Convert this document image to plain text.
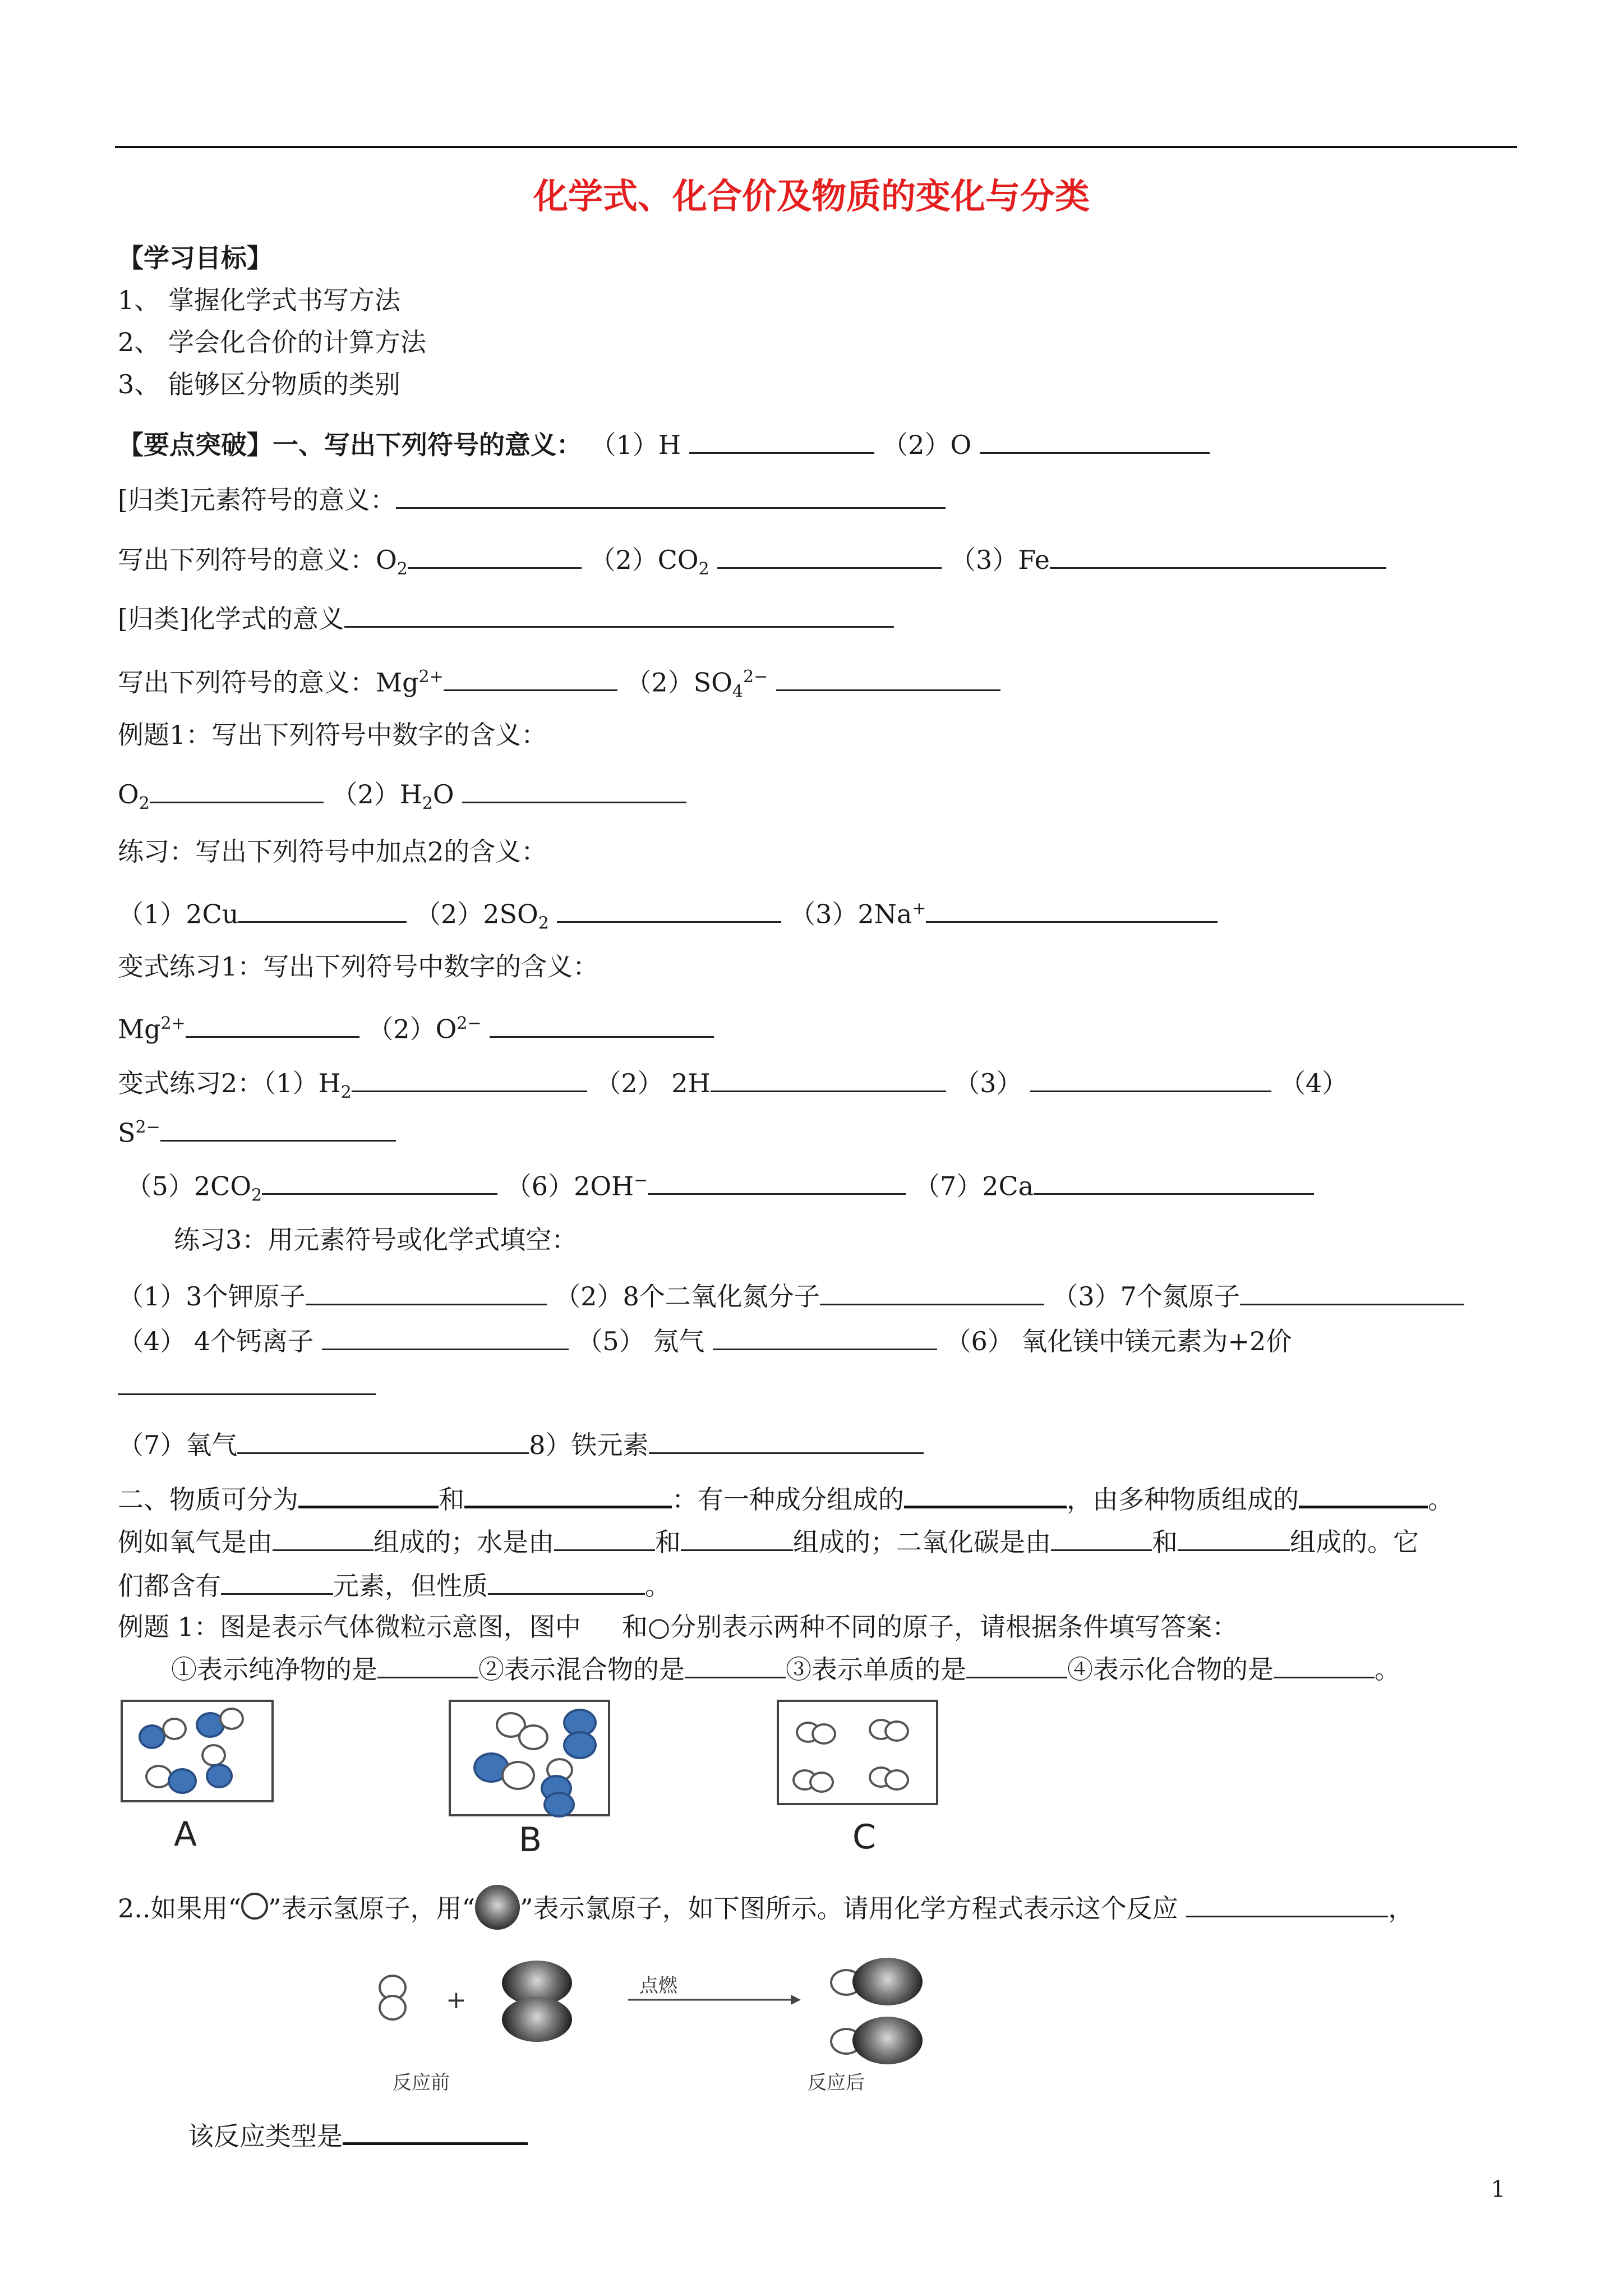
化学式、化合价及物质的变化与分类
【学习目标】
1、 掌握化学式书写方法
2、 学会化合价的计算方法
3、 能够区分物质的类别
【要点突破】一、写出下列符号的意义： （1）H	（2）O
[归类]元素符号的意义：
写出下列符号的意义：$O_2$	$(2)CO_2$	（3）Fe
[归类]化学式的意义
写出下列符号的意义：$Mg^{2+}$	$(2)SO_4^{2-}$
例题1：写出下列符号中数字的含义：
$O_2$	$(2)H_2O$
练习：写出下列符号中加点2的含义：
（1）2Cu	$(2)2SO_2$	（3）2Na+
变式练习1：写出下列符号中数字的含义：
$Mg^{2+}$	$(2)O^{2-}$
变式练习2：$(1)H_2$	（2） 2H	（3）	（4）
$S^{2-}$
$(5)2CO_2$	（6）2OH−	（7）2Ca
练习3：用元素符号或化学式填空：
（1）3个钾原子	（2）8个二氧化氮分子	（3）7个氮原子
（4） 4个钙离子	（5） 氖气	（6） 氧化镁中镁元素为+2价
（7）氧气	8）铁元素
二、物质可分为	和	：有一种成分组成的	，由多种物质组成的	。
例如氧气是由	组成的；水是由	和	组成的；二氧化碳是由	和	组成的。它
们都含有	元素，但性质	。
例题 1：图是表示气体微粒示意图，图中 和○分别表示两种不同的原子，请根据条件填写答案：
①表示纯净物的是	②表示混合物的是	③表示单质的是	④表示化合物的是	。
A	B	C
2..如果用“ ”表示氢原子，用“ ”表示氯原子，如下图所示。请用化学方程式表示这个反应	，
+
反应前
点燃
反应后
该反应类型是
1
